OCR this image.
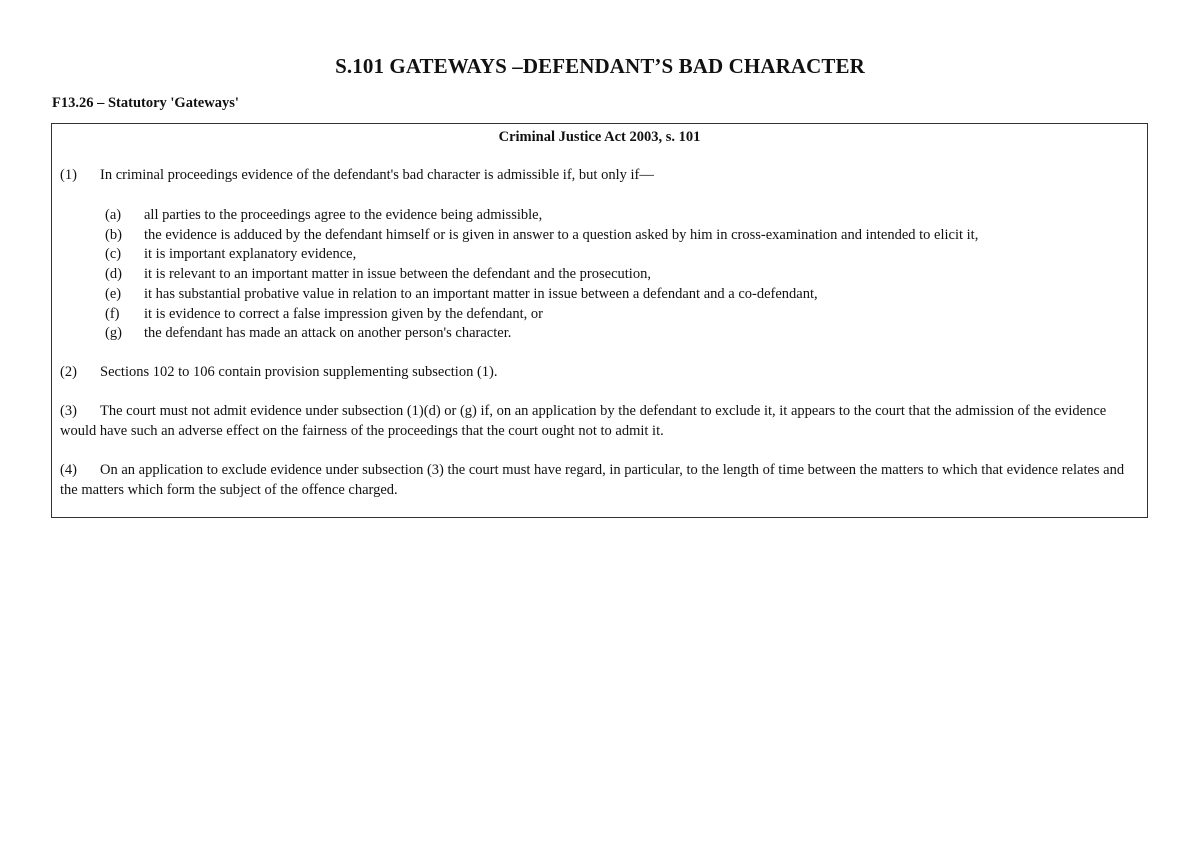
S.101 GATEWAYS –DEFENDANT’S BAD CHARACTER
F13.26 – Statutory 'Gateways'
Criminal Justice Act 2003, s. 101
(1) In criminal proceedings evidence of the defendant's bad character is admissible if, but only if—
(a) all parties to the proceedings agree to the evidence being admissible,
(b) the evidence is adduced by the defendant himself or is given in answer to a question asked by him in cross-examination and intended to elicit it,
(c) it is important explanatory evidence,
(d) it is relevant to an important matter in issue between the defendant and the prosecution,
(e) it has substantial probative value in relation to an important matter in issue between a defendant and a co-defendant,
(f) it is evidence to correct a false impression given by the defendant, or
(g) the defendant has made an attack on another person's character.
(2) Sections 102 to 106 contain provision supplementing subsection (1).
(3) The court must not admit evidence under subsection (1)(d) or (g) if, on an application by the defendant to exclude it, it appears to the court that the admission of the evidence would have such an adverse effect on the fairness of the proceedings that the court ought not to admit it.
(4) On an application to exclude evidence under subsection (3) the court must have regard, in particular, to the length of time between the matters to which that evidence relates and the matters which form the subject of the offence charged.
